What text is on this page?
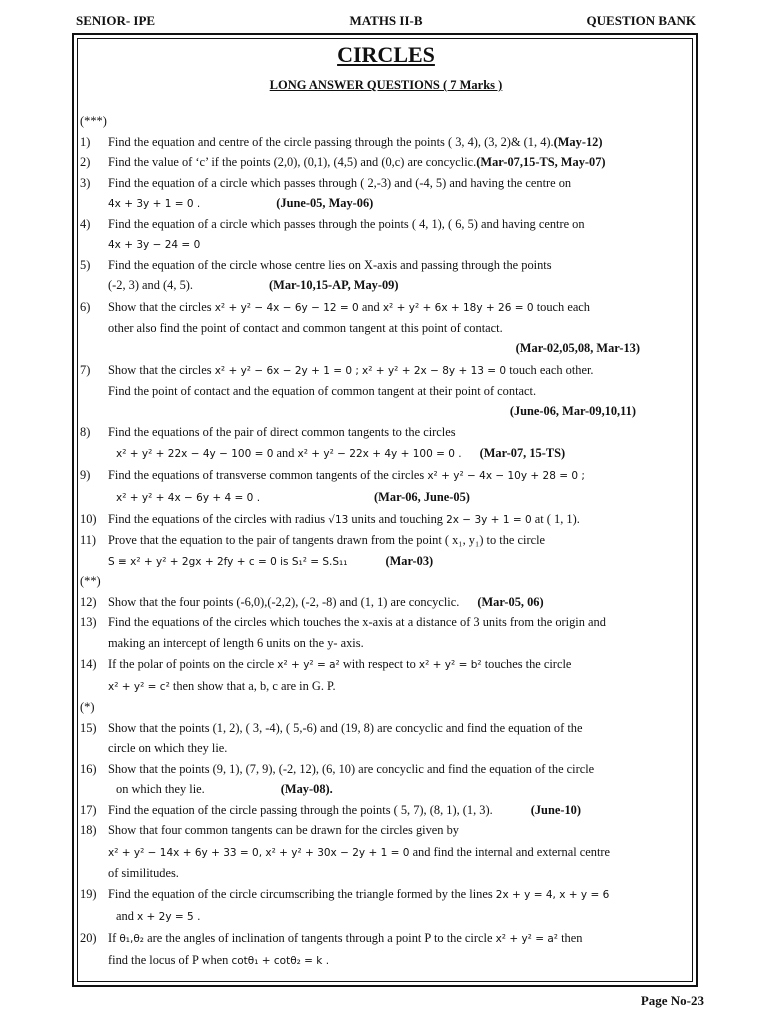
SENIOR- IPE	MATHS II-B	QUESTION BANK
CIRCLES
LONG ANSWER QUESTIONS ( 7 Marks )
(***)
1) Find the equation and centre of the circle passing through the points ( 3, 4), (3, 2)& (1, 4).(May-12)
2) Find the value of ‘c’ if the points (2,0), (0,1), (4,5) and (0,c) are concyclic.(Mar-07,15-TS, May-07)
3) Find the equation of a circle which passes through ( 2,-3) and (-4, 5) and having the centre on
4x + 3y + 1 = 0 .	(June-05, May-06)
4) Find the equation of a circle which passes through the points ( 4, 1), ( 6, 5) and having centre on
4x + 3y − 24 = 0
5) Find the equation of the circle whose centre lies on X-axis and passing through the points
(-2, 3) and (4, 5).	(Mar-10,15-AP, May-09)
6) Show that the circles x² + y² − 4x − 6y − 12 = 0 and x² + y² + 6x + 18y + 26 = 0 touch each
other also find the point of contact and common tangent at this point of contact.
(Mar-02,05,08, Mar-13)
7) Show that the circles x² + y² − 6x − 2y + 1 = 0 ; x² + y² + 2x − 8y + 13 = 0 touch each other.
Find the point of contact and the equation of common tangent at their point of contact.
(June-06, Mar-09,10,11)
8) Find the equations of the pair of direct common tangents to the circles
x² + y² + 22x − 4y − 100 = 0 and x² + y² − 22x + 4y + 100 = 0 . (Mar-07, 15-TS)
9) Find the equations of transverse common tangents of the circles x² + y² − 4x − 10y + 28 = 0 ;
x² + y² + 4x − 6y + 4 = 0 .	(Mar-06, June-05)
10) Find the equations of the circles with radius √13 units and touching 2x − 3y + 1 = 0 at ( 1, 1).
11) Prove that the equation to the pair of tangents drawn from the point ( x₁, y₁) to the circle
S ≡ x² + y² + 2gx + 2fy + c = 0 is S₁² = S.S₁₁	(Mar-03)
(**)
12) Show that the four points (-6,0),(-2,2), (-2, -8) and (1, 1) are concyclic. (Mar-05, 06)
13) Find the equations of the circles which touches the x-axis at a distance of 3 units from the origin and
making an intercept of length 6 units on the y- axis.
14) If the polar of points on the circle x² + y² = a² with respect to x² + y² = b² touches the circle
x² + y² = c² then show that a, b, c are in G. P.
(*)
15) Show that the points (1, 2), ( 3, -4), ( 5,-6) and (19, 8) are concyclic and find the equation of the
circle on which they lie.
16) Show that the points (9, 1), (7, 9), (-2, 12), (6, 10) are concyclic and find the equation of the circle
on which they lie.	(May-08).
17) Find the equation of the circle passing through the points ( 5, 7), (8, 1), (1, 3).	(June-10)
18) Show that four common tangents can be drawn for the circles given by
x² + y² − 14x + 6y + 33 = 0, x² + y² + 30x − 2y + 1 = 0 and find the internal and external centre
of similitudes.
19) Find the equation of the circle circumscribing the triangle formed by the lines 2x + y = 4, x + y = 6
and x + 2y = 5 .
20) If θ₁,θ₂ are the angles of inclination of tangents through a point P to the circle x² + y² = a² then
find the locus of P when cotθ₁ + cotθ₂ = k .
Page No-23
